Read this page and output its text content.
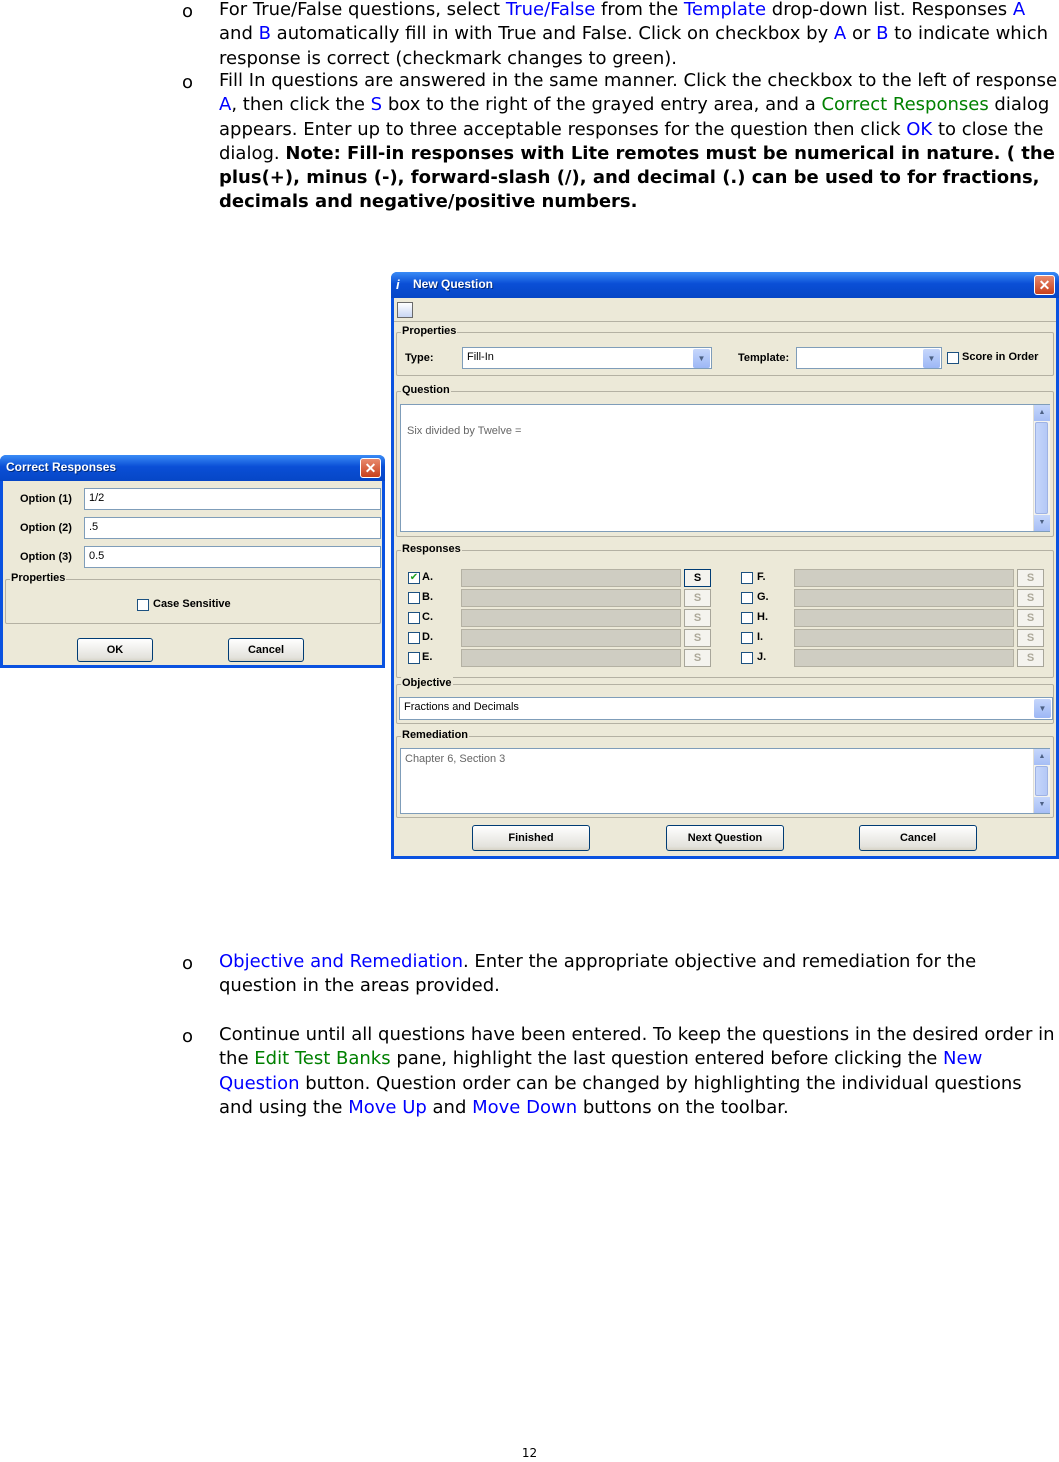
o For True/False questions, select True/False from the Template drop-down list. Responses A and B automatically fill in with True and False. Click on checkbox by A or B to indicate which response is correct (checkmark changes to green).
o Fill In questions are answered in the same manner. Click the checkbox to the left of response A, then click the S box to the right of the grayed entry area, and a Correct Responses dialog appears. Enter up to three acceptable responses for the question then click OK to close the dialog. Note: Fill-in responses with Lite remotes must be numerical in nature. ( the plus(+), minus (-), forward-slash (/), and decimal (.) can be used to for fractions, decimals and negative/positive numbers.
Correct Responses	✕
Option (1)	1/2
Option (2)	.5
Option (3)	0.5
Properties
Case Sensitive
OK	Cancel
i	New Question	✕
Properties
Type:	Fill-In	▼	Template:	▼	Score in Order
Question
Six divided by Twelve =
▲
▼
Responses
✔ A.	S
B.	S
C.	S
D.	S
E.	S
F.	S
G.	S
H.	S
I.	S
J.	S
Objective
Fractions and Decimals	▼
Remediation
Chapter 6, Section 3	▲
▼
Finished	Next Question	Cancel
o Objective and Remediation. Enter the appropriate objective and remediation for the question in the areas provided.
o Continue until all questions have been entered. To keep the questions in the desired order in the Edit Test Banks pane, highlight the last question entered before clicking the New Question button. Question order can be changed by highlighting the individual questions and using the Move Up and Move Down buttons on the toolbar.
12
